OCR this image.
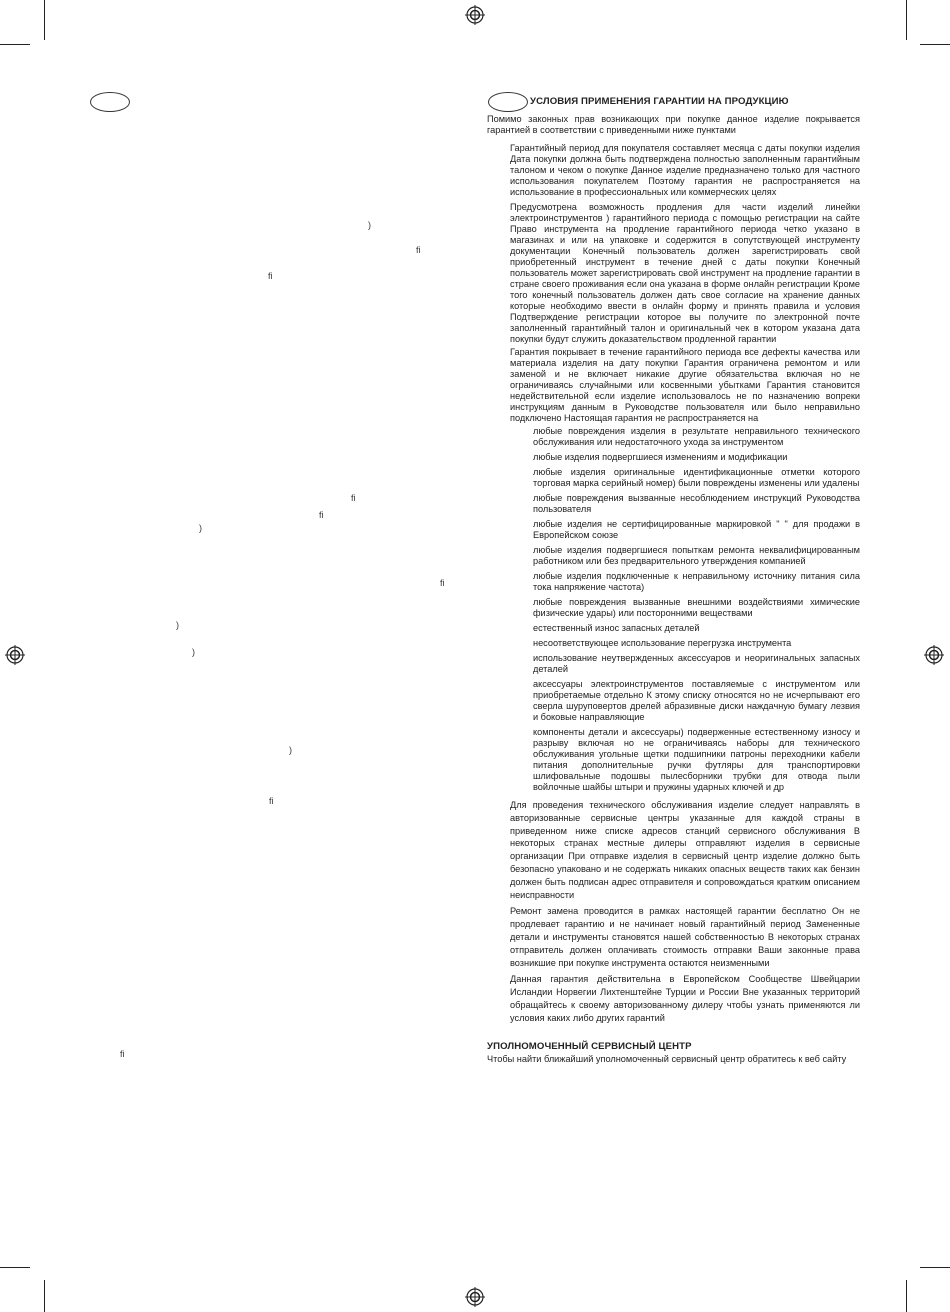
)
fi
fi
fi
fi
)
fi
)
)
)
fi
fi
УСЛОВИЯ ПРИМЕНЕНИЯ ГАРАНТИИ НА ПРОДУКЦИЮ

Помимо законных прав возникающих при покупке данное изделие покрывается гарантией в соответствии с приведенными ниже пунктами

Гарантийный период для покупателя составляет месяца с даты покупки изделия Дата покупки должна быть подтверждена полностью заполненным гарантийным талоном и чеком о покупке Данное изделие предназначено только для частного использования покупателем Поэтому гарантия не распространяется на использование в профессиональных или коммерческих целях

Предусмотрена возможность продления для части изделий линейки электроинструментов ) гарантийного периода с помощью регистрации на сайте Право инструмента на продление гарантийного периода четко указано в магазинах и или на упаковке и содержится в сопутствующей инструменту документации Конечный пользователь должен зарегистрировать свой приобретенный инструмент в течение дней с даты покупки Конечный пользователь может зарегистрировать свой инструмент на продление гарантии в стране своего проживания если она указана в форме онлайн регистрации Кроме того конечный пользователь должен дать свое согласие на хранение данных которые необходимо ввести в онлайн форму и принять правила и условия Подтверждение регистрации которое вы получите по электронной почте заполненный гарантийный талон и оригинальный чек в котором указана дата покупки будут служить доказательством продленной гарантии

Гарантия покрывает в течение гарантийного периода все дефекты качества или материала изделия на дату покупки Гарантия ограничена ремонтом и или заменой и не включает никакие другие обязательства включая но не ограничиваясь случайными или косвенными убытками Гарантия становится недействительной если изделие использовалось не по назначению вопреки инструкциям данным в Руководстве пользователя или было неправильно подключено Настоящая гарантия не распространяется на

любые повреждения изделия в результате неправильного технического обслуживания или недостаточного ухода за инструментом

любые изделия подвергшиеся изменениям и модификации

любые изделия оригинальные идентификационные отметки которого торговая марка серийный номер) были повреждены изменены или удалены

любые повреждения вызванные несоблюдением инструкций Руководства пользователя

любые изделия не сертифицированные маркировкой " " для продажи в Европейском союзе

любые изделия подвергшиеся попыткам ремонта неквалифицированным работником или без предварительного утверждения компанией

любые изделия подключенные к неправильному источнику питания сила тока напряжение частота)

любые повреждения вызванные внешними воздействиями химические физические удары) или посторонними веществами

естественный износ запасных деталей

несоответствующее использование перегрузка инструмента

использование неутвержденных аксессуаров и неоригинальных запасных деталей

аксессуары электроинструментов поставляемые с инструментом или приобретаемые отдельно К этому списку относятся но не исчерпывают его сверла шуруповертов дрелей абразивные диски наждачную бумагу лезвия и боковые направляющие

компоненты детали и аксессуары) подверженные естественному износу и разрыву включая но не ограничиваясь наборы для технического обслуживания угольные щетки подшипники патроны переходники кабели питания дополнительные ручки футляры для транспортировки шлифовальные подошвы пылесборники трубки для отвода пыли войлочные шайбы штыри и пружины ударных ключей и др

Для проведения технического обслуживания изделие следует направлять в авторизованные сервисные центры указанные для каждой страны в приведенном ниже списке адресов станций сервисного обслуживания В некоторых странах местные дилеры отправляют изделия в сервисные организации При отправке изделия в сервисный центр изделие должно быть безопасно упаковано и не содержать никаких опасных веществ таких как бензин должен быть подписан адрес отправителя и сопровождаться кратким описанием неисправности

Ремонт замена проводится в рамках настоящей гарантии бесплатно Он не продлевает гарантию и не начинает новый гарантийный период Замененные детали и инструменты становятся нашей собственностью В некоторых странах отправитель должен оплачивать стоимость отправки Ваши законные права возникшие при покупке инструмента остаются неизменными

Данная гарантия действительна в Европейском Сообществе Швейцарии Исландии Норвегии Лихтенштейне Турции и России Вне указанных территорий обращайтесь к своему авторизованному дилеру чтобы узнать применяются ли условия каких либо других гарантий

УПОЛНОМОЧЕННЫЙ СЕРВИСНЫЙ ЦЕНТР

Чтобы найти ближайший уполномоченный сервисный центр обратитесь к веб сайту
